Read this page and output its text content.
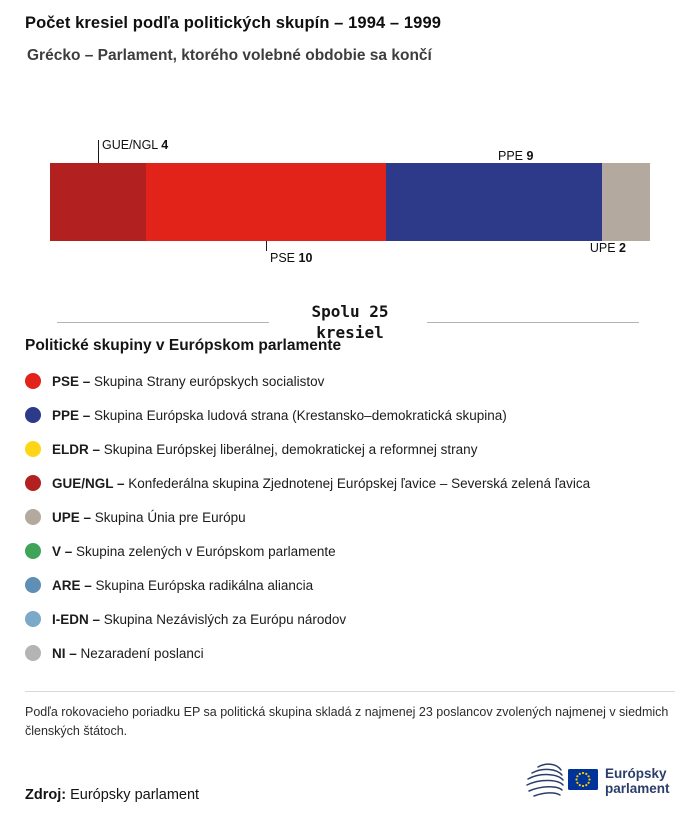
Počet kresiel podľa politických skupín – 1994 – 1999
Grécko – Parlament, ktorého volebné obdobie sa končí
Spolu 25
kresiel
Politické skupiny v Európskom parlamente
PSE – Skupina Strany európskych socialistov
PPE – Skupina Európska ludová strana (Krestansko–demokratická skupina)
ELDR – Skupina Európskej liberálnej, demokratickej a reformnej strany
GUE/NGL – Konfederálna skupina Zjednotenej Európskej ľavice – Severská zelená ľavica
UPE – Skupina Únia pre Európu
V – Skupina zelených v Európskom parlamente
ARE – Skupina Európska radikálna aliancia
I-EDN – Skupina Nezávislých za Európu národov
NI – Nezaradení poslanci

Podľa rokovacieho poriadku EP sa politická skupina skladá z najmenej 23 poslancov zvolených najmenej v siedmich členských štátoch.

Zdroj: Európsky parlament

Európsky
parlament
GUE/NGL 4
PSE 10
PPE 9
UPE 2
